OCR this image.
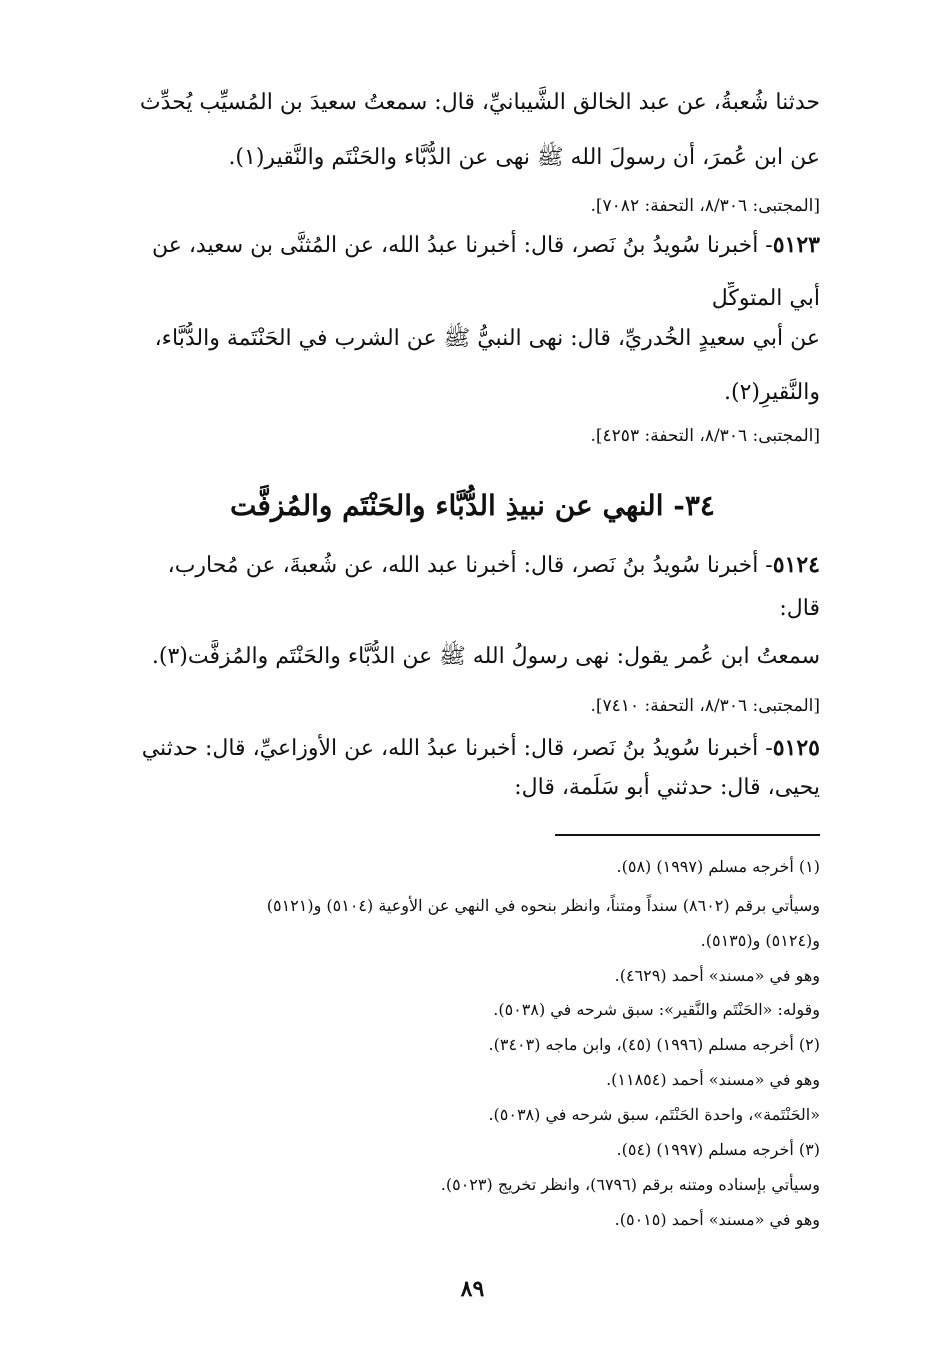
حدثنا شُعبةُ، عن عبد الخالق الشَّيبانيِّ، قال: سمعتُ سعيدَ بن المُسيِّب يُحدِّث
عن ابن عُمرَ، أن رسولَ الله ﷺ نهى عن الدُّبَّاء والحَنْتَم والنَّقير(١).
[المجتبى: ٨/٣٠٦، التحفة: ٧٠٨٢].
٥١٢٣- أخبرنا سُويدُ بنُ نَصر، قال: أخبرنا عبدُ الله، عن المُثنَّى بن سعيد، عن
أبي المتوكِّل
عن أبي سعيدٍ الخُدريِّ، قال: نهى النبيُّ ﷺ عن الشرب في الحَنْتَمة والدُّبَّاء،
والنَّقيرِ(٢).
[المجتبى: ٨/٣٠٦، التحفة: ٤٢٥٣].
٣٤- النهي عن نبيذِ الدُّبَّاء والحَنْتَم والمُزفَّت
٥١٢٤- أخبرنا سُويدُ بنُ نَصر، قال: أخبرنا عبد الله، عن شُعبةَ، عن مُحارب،
قال:
سمعتُ ابن عُمر يقول: نهى رسولُ الله ﷺ عن الدُّبَّاء والحَنْتَم والمُزفَّت(٣).
[المجتبى: ٨/٣٠٦، التحفة: ٧٤١٠].
٥١٢٥- أخبرنا سُويدُ بنُ نَصر، قال: أخبرنا عبدُ الله، عن الأوزاعيِّ، قال: حدثني
يحيى، قال: حدثني أبو سَلَمة، قال:
(١) أخرجه مسلم (١٩٩٧) (٥٨).
وسيأتي برقم (٨٦٠٢) سنداً ومتناً، وانظر بنحوه في النهي عن الأوعية (٥١٠٤) و(٥١٢١)
و(٥١٢٤) و(٥١٣٥).
وهو في «مسند» أحمد (٤٦٢٩).
وقوله: «الحَنْتَم والنَّقير»: سبق شرحه في (٥٠٣٨).
(٢) أخرجه مسلم (١٩٩٦) (٤٥)، وابن ماجه (٣٤٠٣).
وهو في «مسند» أحمد (١١٨٥٤).
«الحَنْتَمة»، واحدة الحَنْتَم، سبق شرحه في (٥٠٣٨).
(٣) أخرجه مسلم (١٩٩٧) (٥٤).
وسيأتي بإسناده ومتنه برقم (٦٧٩٦)، وانظر تخريج (٥٠٢٣).
وهو في «مسند» أحمد (٥٠١٥).
٨٩
